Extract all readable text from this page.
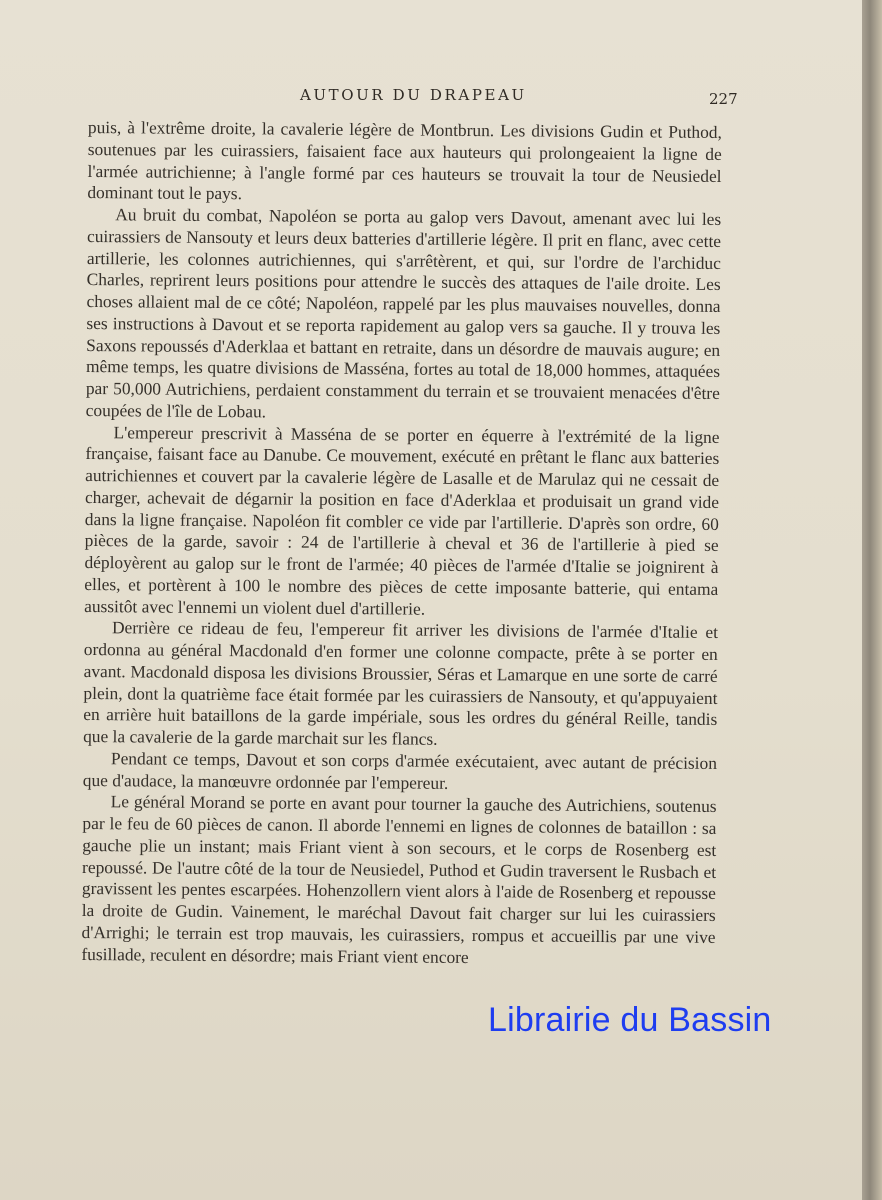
AUTOUR DU DRAPEAU	227

puis, à l'extrême droite, la cavalerie légère de Montbrun. Les divisions Gudin et Puthod, soutenues par les cuirassiers, faisaient face aux hauteurs qui prolongeaient la ligne de l'armée autrichienne; à l'angle formé par ces hauteurs se trouvait la tour de Neusiedel dominant tout le pays.

Au bruit du combat, Napoléon se porta au galop vers Davout, amenant avec lui les cuirassiers de Nansouty et leurs deux batteries d'artillerie légère. Il prit en flanc, avec cette artillerie, les colonnes autrichiennes, qui s'arrêtèrent, et qui, sur l'ordre de l'archiduc Charles, reprirent leurs positions pour attendre le succès des attaques de l'aile droite. Les choses allaient mal de ce côté; Napoléon, rappelé par les plus mauvaises nouvelles, donna ses instructions à Davout et se reporta rapidement au galop vers sa gauche. Il y trouva les Saxons repoussés d'Aderklaa et battant en retraite, dans un désordre de mauvais augure; en même temps, les quatre divisions de Masséna, fortes au total de 18,000 hommes, attaquées par 50,000 Autrichiens, perdaient constamment du terrain et se trouvaient menacées d'être coupées de l'île de Lobau.

L'empereur prescrivit à Masséna de se porter en équerre à l'extrémité de la ligne française, faisant face au Danube. Ce mouvement, exécuté en prêtant le flanc aux batteries autrichiennes et couvert par la cavalerie légère de Lasalle et de Marulaz qui ne cessait de charger, achevait de dégarnir la position en face d'Aderklaa et produisait un grand vide dans la ligne française. Napoléon fit combler ce vide par l'artillerie. D'après son ordre, 60 pièces de la garde, savoir : 24 de l'artillerie à cheval et 36 de l'artillerie à pied se déployèrent au galop sur le front de l'armée; 40 pièces de l'armée d'Italie se joignirent à elles, et portèrent à 100 le nombre des pièces de cette imposante batterie, qui entama aussitôt avec l'ennemi un violent duel d'artillerie.

Derrière ce rideau de feu, l'empereur fit arriver les divisions de l'armée d'Italie et ordonna au général Macdonald d'en former une colonne compacte, prête à se porter en avant. Macdonald disposa les divisions Broussier, Séras et Lamarque en une sorte de carré plein, dont la quatrième face était formée par les cuirassiers de Nansouty, et qu'appuyaient en arrière huit bataillons de la garde impériale, sous les ordres du général Reille, tandis que la cavalerie de la garde marchait sur les flancs.

Pendant ce temps, Davout et son corps d'armée exécutaient, avec autant de précision que d'audace, la manœuvre ordonnée par l'empereur.

Le général Morand se porte en avant pour tourner la gauche des Autrichiens, soutenus par le feu de 60 pièces de canon. Il aborde l'ennemi en lignes de colonnes de bataillon : sa gauche plie un instant; mais Friant vient à son secours, et le corps de Rosenberg est repoussé. De l'autre côté de la tour de Neusiedel, Puthod et Gudin traversent le Rusbach et gravissent les pentes escarpées. Hohenzollern vient alors à l'aide de Rosenberg et repousse la droite de Gudin. Vainement, le maréchal Davout fait charger sur lui les cuirassiers d'Arrighi; le terrain est trop mauvais, les cuirassiers, rompus et accueillis par une vive fusillade, reculent en désordre; mais Friant vient encore

Librairie du Bassin
